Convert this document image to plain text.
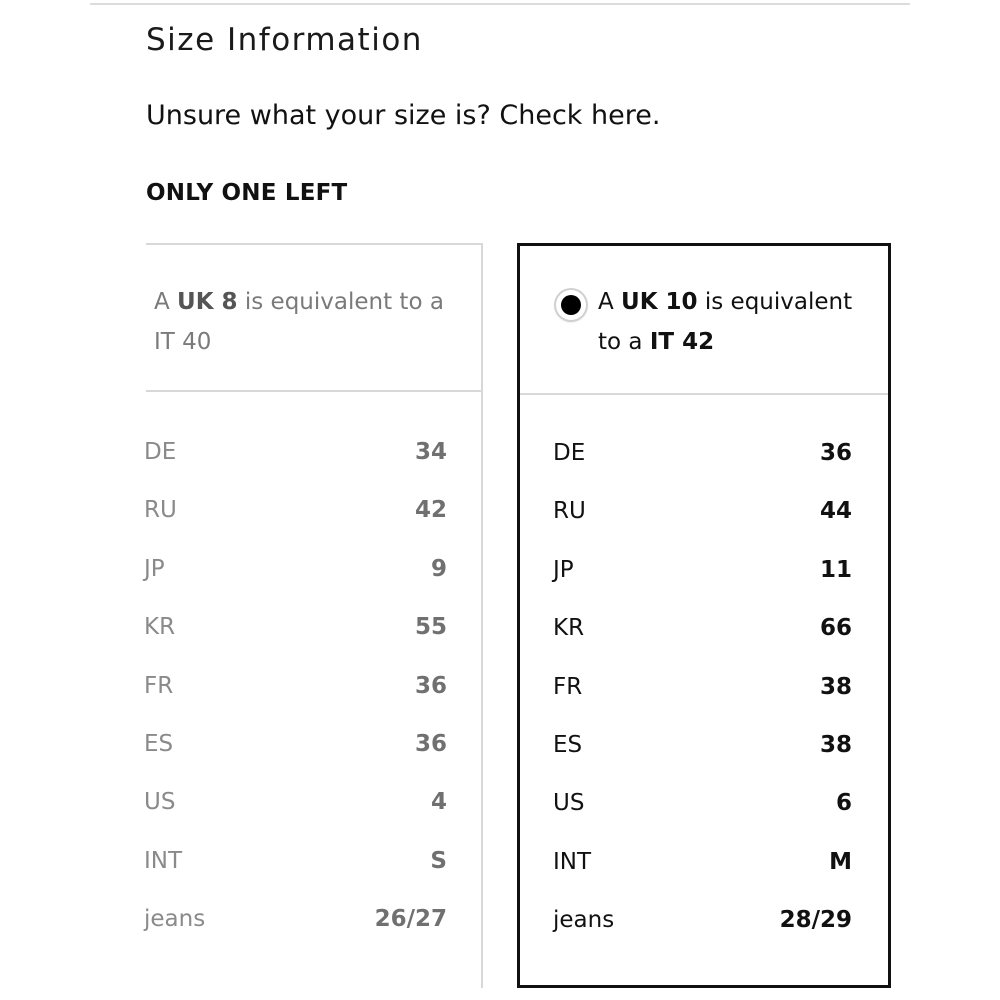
Size Information
Unsure what your size is? Check here.
ONLY ONE LEFT
A UK 8 is equivalent to a IT 40
DE	34
RU	42
JP	9
KR	55
FR	36
ES	36
US	4
INT	S
jeans	26/27
A UK 10 is equivalent to a IT 42
DE	36
RU	44
JP	11
KR	66
FR	38
ES	38
US	6
INT	M
jeans	28/29
